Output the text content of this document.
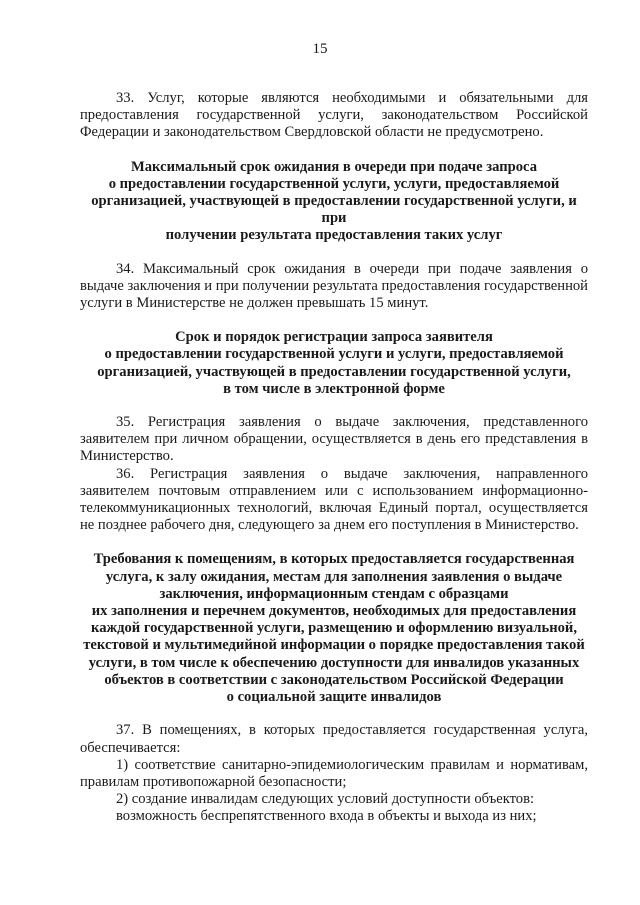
15

33. Услуг, которые являются необходимыми и обязательными для предоставления государственной услуги, законодательством Российской Федерации и законодательством Свердловской области не предусмотрено.

Максимальный срок ожидания в очереди при подаче запроса
о предоставлении государственной услуги, услуги, предоставляемой
организацией, участвующей в предоставлении государственной услуги, и при
получении результата предоставления таких услуг

34. Максимальный срок ожидания в очереди при подаче заявления о выдаче заключения и при получении результата предоставления государственной услуги в Министерстве не должен превышать 15 минут.

Срок и порядок регистрации запроса заявителя
о предоставлении государственной услуги и услуги, предоставляемой
организацией, участвующей в предоставлении государственной услуги,
в том числе в электронной форме

35. Регистрация заявления о выдаче заключения, представленного заявителем при личном обращении, осуществляется в день его представления в Министерство.

36. Регистрация заявления о выдаче заключения, направленного заявителем почтовым отправлением или с использованием информационно-телекоммуникационных технологий, включая Единый портал, осуществляется не позднее рабочего дня, следующего за днем его поступления в Министерство.

Требования к помещениям, в которых предоставляется государственная
услуга, к залу ожидания, местам для заполнения заявления о выдаче
заключения, информационным стендам с образцами
их заполнения и перечнем документов, необходимых для предоставления
каждой государственной услуги, размещению и оформлению визуальной,
текстовой и мультимедийной информации о порядке предоставления такой
услуги, в том числе к обеспечению доступности для инвалидов указанных
объектов в соответствии с законодательством Российской Федерации
о социальной защите инвалидов

37. В помещениях, в которых предоставляется государственная услуга, обеспечивается:

1) соответствие санитарно-эпидемиологическим правилам и нормативам, правилам противопожарной безопасности;

2) создание инвалидам следующих условий доступности объектов:

возможность беспрепятственного входа в объекты и выхода из них;
